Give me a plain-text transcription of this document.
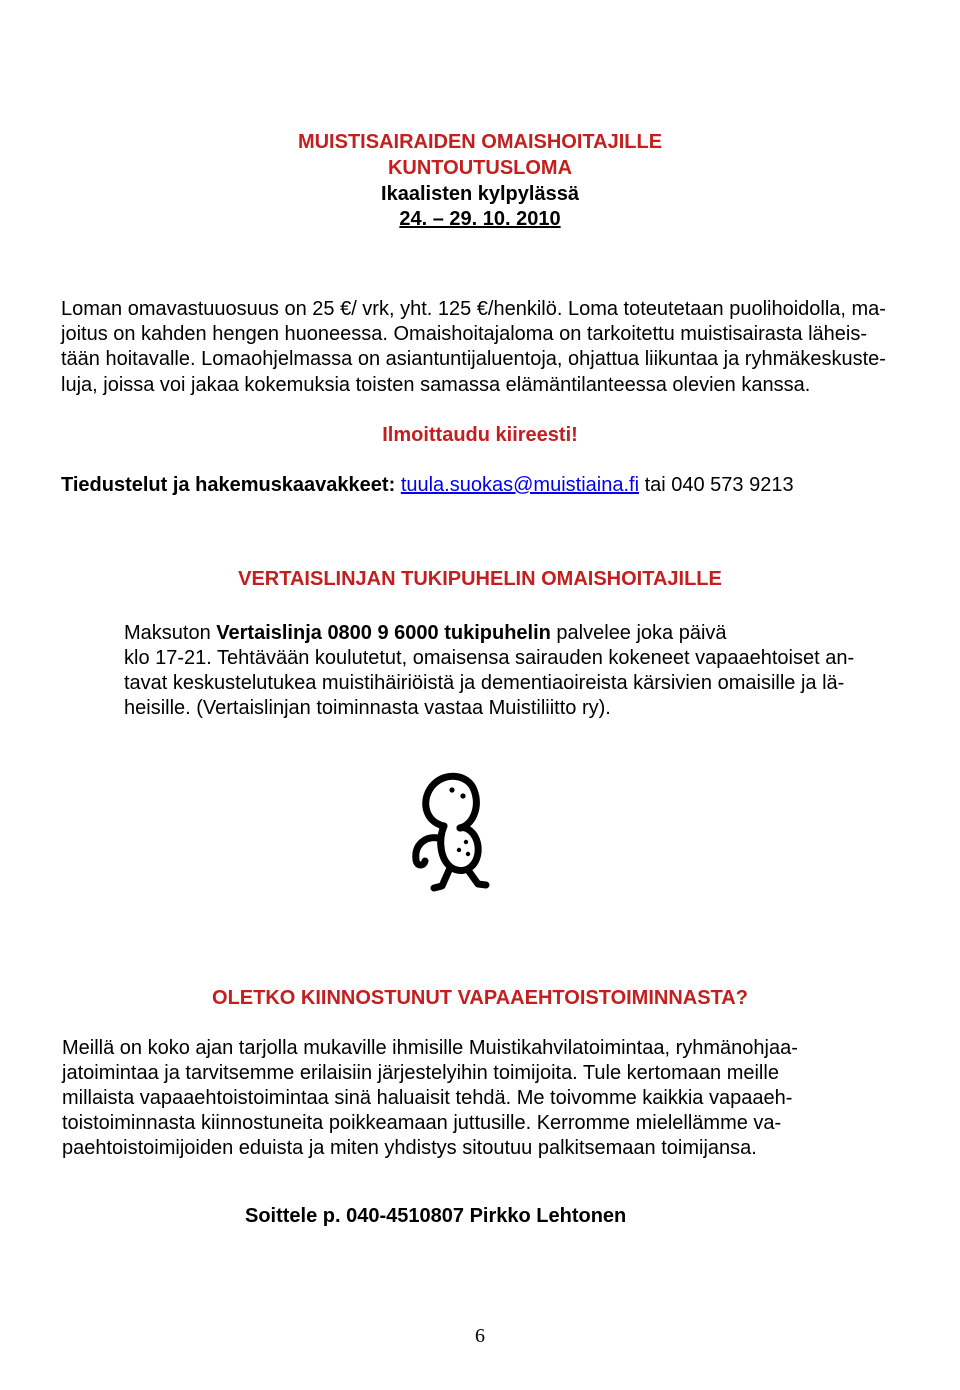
MUISTISAIRAIDEN OMAISHOITAJILLE
KUNTOUTUSLOMA
Ikaalisten kylpylässä
24. – 29. 10. 2010
Loman omavastuuosuus on 25 €/ vrk, yht. 125 €/henkilö. Loma toteutetaan puolihoidolla, ma-
joitus on kahden hengen huoneessa. Omaishoitajaloma on tarkoitettu muistisairasta läheis-
tään hoitavalle. Lomaohjelmassa on asiantuntijaluentoja, ohjattua liikuntaa ja ryhmäkeskuste-
luja, joissa voi jakaa kokemuksia toisten samassa elämäntilanteessa olevien kanssa.
Ilmoittaudu kiireesti!
Tiedustelut ja hakemuskaavakkeet: tuula.suokas@muistiaina.fi tai 040 573 9213
VERTAISLINJAN TUKIPUHELIN OMAISHOITAJILLE
Maksuton Vertaislinja 0800 9 6000 tukipuhelin palvelee joka päivä
klo 17-21. Tehtävään koulutetut, omaisensa sairauden kokeneet vapaaehtoiset an-
tavat keskustelutukea muistihäiriöistä ja dementiaoireista kärsivien omaisille ja lä-
heisille. (Vertaislinjan toiminnasta vastaa Muistiliitto ry).
OLETKO KIINNOSTUNUT VAPAAEHTOISTOIMINNASTA?
Meillä on koko ajan tarjolla mukaville ihmisille Muistikahvilatoimintaa, ryhmänohjaa-
jatoimintaa ja tarvitsemme erilaisiin järjestelyihin toimijoita. Tule kertomaan meille
millaista vapaaehtoistoimintaa sinä haluaisit tehdä. Me toivomme kaikkia vapaaeh-
toistoiminnasta kiinnostuneita poikkeamaan juttusille. Kerromme mielellämme va-
paehtoistoimijoiden eduista ja miten yhdistys sitoutuu palkitsemaan toimijansa.
Soittele p. 040-4510807 Pirkko Lehtonen
6
